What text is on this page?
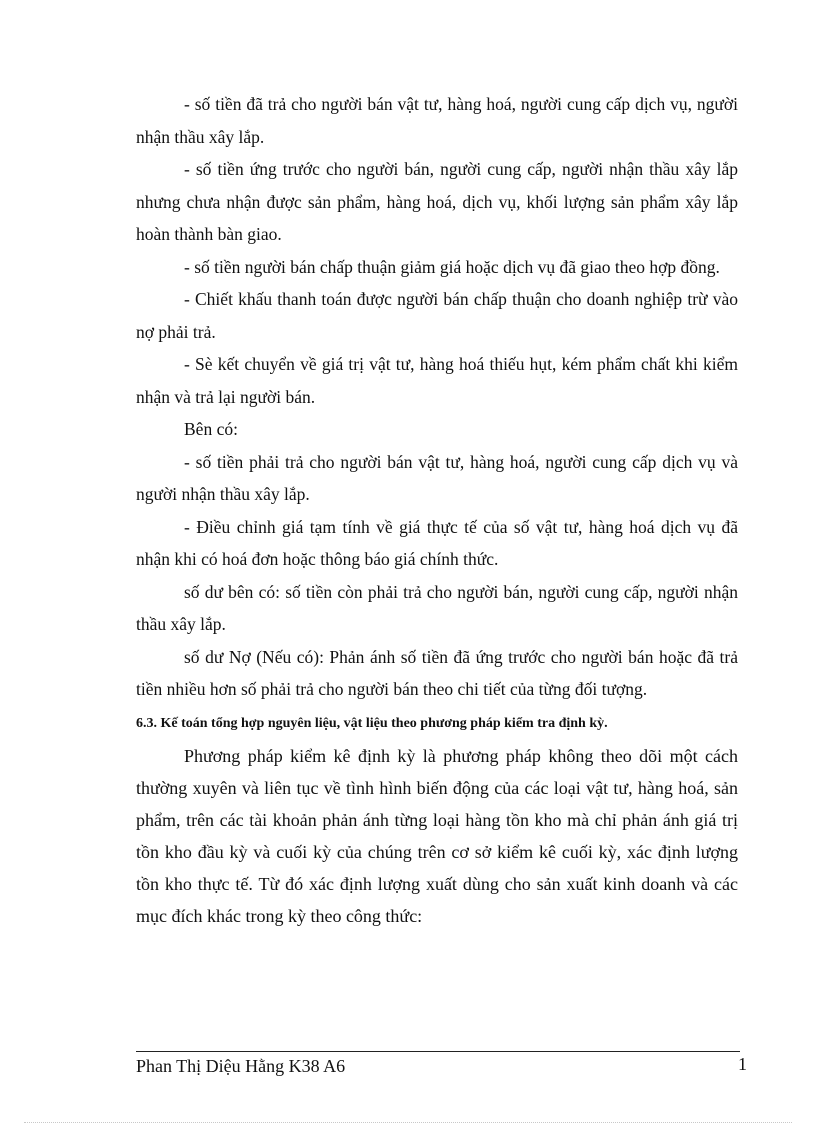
- số tiền đã trả cho người bán vật tư, hàng hoá, người cung cấp dịch vụ, người nhận thầu xây lắp.

- số tiền ứng trước cho người bán, người cung cấp, người nhận thầu xây lắp nhưng chưa nhận được sản phẩm, hàng hoá, dịch vụ, khối lượng sản phẩm xây lắp hoàn thành bàn giao.

- số tiền người bán chấp thuận giảm giá hoặc dịch vụ đã giao theo hợp đồng.

- Chiết khấu thanh toán được người bán chấp thuận cho doanh nghiệp trừ vào nợ phải trả.

- Sè kết chuyển về giá trị vật tư, hàng hoá thiếu hụt, kém phẩm chất khi kiểm nhận và trả lại người bán.

Bên có:

- số tiền phải trả cho người bán vật tư, hàng hoá, người cung cấp dịch vụ và người nhận thầu xây lắp.

- Điều chỉnh giá tạm tính về giá thực tế của số vật tư, hàng hoá dịch vụ đã nhận khi có hoá đơn hoặc thông báo giá chính thức.

số dư bên có: số tiền còn phải trả cho người bán, người cung cấp, người nhận thầu xây lắp.

số dư Nợ (Nếu có): Phản ánh số tiền đã ứng trước cho người bán hoặc đã trả tiền nhiều hơn số phải trả cho người bán theo chi tiết của từng đối tượng.

6.3. Kế toán tổng hợp nguyên liệu, vật liệu theo phương pháp kiểm tra định kỳ.

Phương pháp kiểm kê định kỳ là phương pháp không theo dõi một cách thường xuyên và liên tục về tình hình biến động của các loại vật tư, hàng hoá, sản phẩm, trên các tài khoản phản ánh từng loại hàng tồn kho mà chỉ phản ánh giá trị tồn kho đầu kỳ và cuối kỳ của chúng trên cơ sở kiểm kê cuối kỳ, xác định lượng tồn kho thực tế. Từ đó xác định lượng xuất dùng cho sản xuất kinh doanh và các mục đích khác trong kỳ theo công thức:

Phan Thị Diệu Hằng K38 A6	1
